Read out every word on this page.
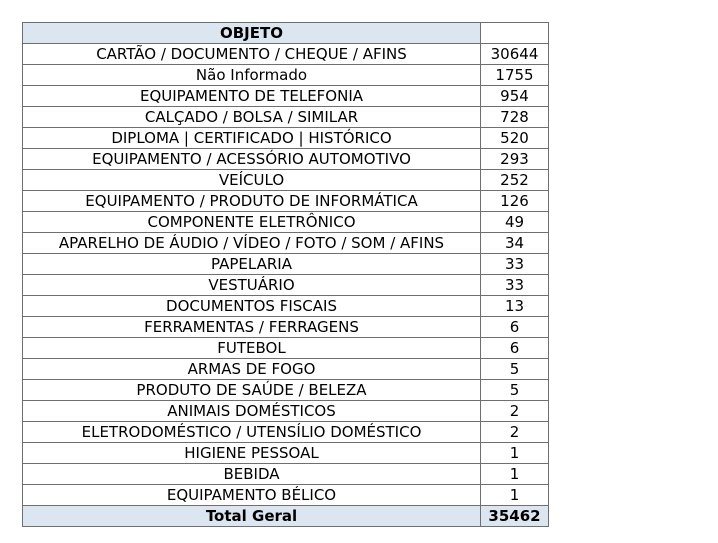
OBJETO	
CARTÃO / DOCUMENTO / CHEQUE / AFINS	30644
Não Informado	1755
EQUIPAMENTO DE TELEFONIA	954
CALÇADO / BOLSA / SIMILAR	728
DIPLOMA | CERTIFICADO | HISTÓRICO	520
EQUIPAMENTO / ACESSÓRIO AUTOMOTIVO	293
VEÍCULO	252
EQUIPAMENTO / PRODUTO DE INFORMÁTICA	126
COMPONENTE ELETRÔNICO	49
APARELHO DE ÁUDIO / VÍDEO / FOTO / SOM / AFINS	34
PAPELARIA	33
VESTUÁRIO	33
DOCUMENTOS FISCAIS	13
FERRAMENTAS / FERRAGENS	6
FUTEBOL	6
ARMAS DE FOGO	5
PRODUTO DE SAÚDE / BELEZA	5
ANIMAIS DOMÉSTICOS	2
ELETRODOMÉSTICO / UTENSÍLIO DOMÉSTICO	2
HIGIENE PESSOAL	1
BEBIDA	1
EQUIPAMENTO BÉLICO	1
Total Geral	35462
